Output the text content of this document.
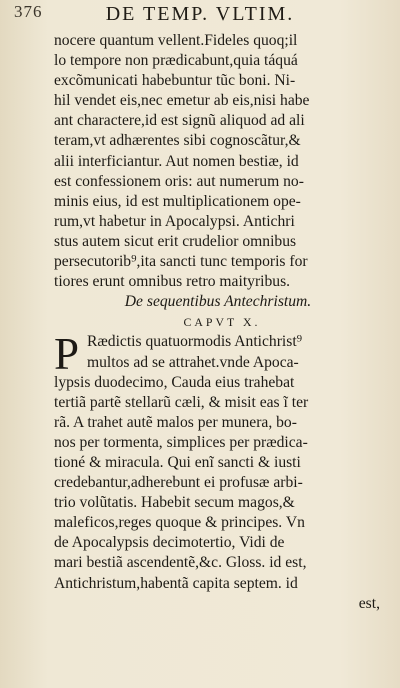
376	DE TEMP. VLTIM.
nocere quantum vellent.Fideles quoq;il
lo tempore non prædicabunt,quia táquá
excõmunicati habebuntur tũc boni. Ni-
hil vendet eis,nec emetur ab eis,nisi habe
ant charactere,id est signũ aliquod ad ali
teram,vt adhærentes sibi cognoscãtur,&
alii interficiantur. Aut nomen bestiæ, id
est confessionem oris: aut numerum no-
minis eius, id est multiplicationem ope-
rum,vt habetur in Apocalypsi. Antichri
stus autem sicut erit crudelior omnibus
persecutorib⁹,ita sancti tunc temporis for
tiores erunt omnibus retro maityribus.
De sequentibus Antechristum.
CAPVT X.
P Rædictis quatuormodis Antichrist⁹
multos ad se attrahet.vnde Apoca-
lypsis duodecimo, Cauda eius trahebat
tertiã partẽ stellarũ cæli, & misit eas ĩ ter
rã. A trahet autẽ malos per munera, bo-
nos per tormenta, simplices per prædica-
tioné & miracula. Qui enĩ sancti & iusti
credebantur,adherebunt ei profusæ arbi-
trio volũtatis. Habebit secum magos,&
maleficos,reges quoque & principes. Vn
de Apocalypsis decimotertio, Vidi de
mari bestiã ascendentẽ,&c. Gloss. id est,
Antichristum,habentã capita septem. id
est,
